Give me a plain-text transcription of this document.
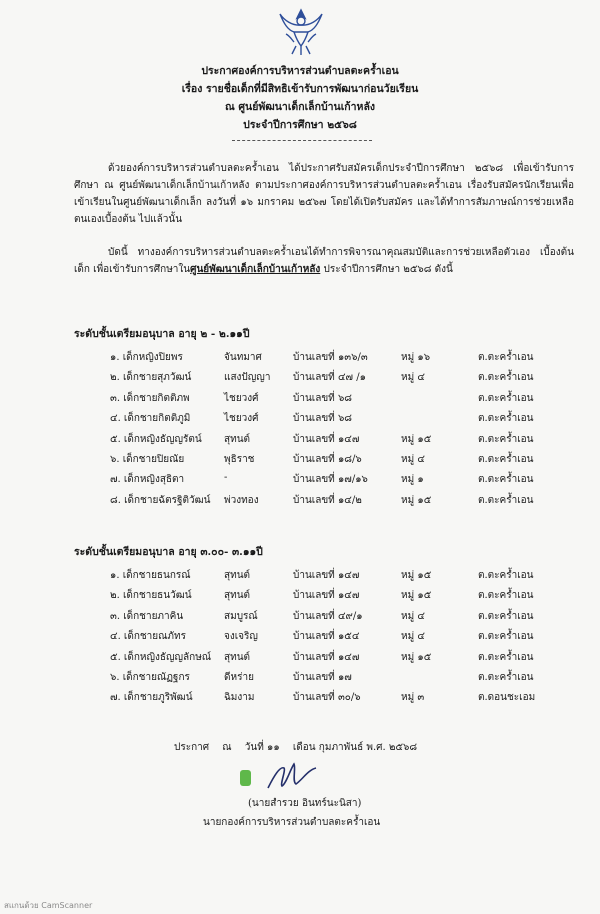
ประกาศองค์การบริหารส่วนตำบลตะคร้ำเอน
เรื่อง รายชื่อเด็กที่มีสิทธิเข้ารับการพัฒนาก่อนวัยเรียน
ณ ศูนย์พัฒนาเด็กเล็กบ้านเก้าหลัง
ประจำปีการศึกษา ๒๕๖๘
ด้วยองค์การบริหารส่วนตำบลตะคร้ำเอน ได้ประกาศรับสมัครเด็กประจำปีการศึกษา ๒๕๖๘ เพื่อเข้ารับการศึกษา ณ ศูนย์พัฒนาเด็กเล็กบ้านเก้าหลัง ตามประกาศองค์การบริหารส่วนตำบลตะคร้ำเอน เรื่องรับสมัครนักเรียนเพื่อเข้าเรียนในศูนย์พัฒนาเด็กเล็ก ลงวันที่ ๑๖ มกราคม ๒๕๖๗ โดยได้เปิดรับสมัคร และได้ทำการสัมภาษณ์การช่วยเหลือตนเองเบื้องต้น ไปแล้วนั้น
บัดนี้ ทางองค์การบริหารส่วนตำบลตะคร้ำเอนได้ทำการพิจารณาคุณสมบัติและการช่วยเหลือตัวเอง เบื้องต้นเด็ก เพื่อเข้ารับการศึกษาในศูนย์พัฒนาเด็กเล็กบ้านเก้าหลัง ประจำปีการศึกษา ๒๕๖๘ ดังนี้
ระดับชั้นเตรียมอนุบาล อายุ ๒ - ๒.๑๑ปี
๑. เด็กหญิงปิยพร	จันทมาศ	บ้านเลขที่ ๑๓๖/๓	หมู่ ๑๖	ต.ตะคร้ำเอน
๒. เด็กชายสุภวัฒน์	แสงปัญญา บ้านเลขที่ ๔๗ /๑	หมู่ ๔	ต.ตะคร้ำเอน
๓. เด็กชายกิตติภพ	ไชยวงศ์	บ้านเลขที่ ๖๘	ต.ตะคร้ำเอน
๔. เด็กชายกิตติภูมิ	ไชยวงศ์	บ้านเลขที่ ๖๘	ต.ตะคร้ำเอน
๕. เด็กหญิงธัญญรัตน์ สุทนต์	บ้านเลขที่ ๑๔๗	หมู่ ๑๕	ต.ตะคร้ำเอน
๖. เด็กชายปิยณัย	พุธิราช	บ้านเลขที่ ๑๘/๖	หมู่ ๔	ต.ตะคร้ำเอน
๗. เด็กหญิงสุธิตา	-	บ้านเลขที่ ๑๗/๑๖	หมู่ ๑	ต.ตะคร้ำเอน
๘. เด็กชายฉัตรฐิติวัฒน์ พ่วงทอง	บ้านเลขที่ ๑๔/๒	หมู่ ๑๕	ต.ตะคร้ำเอน
ระดับชั้นเตรียมอนุบาล อายุ ๓.๐๐- ๓.๑๑ปี
๑. เด็กชายธนกรณ์	สุทนต์	บ้านเลขที่ ๑๔๗	หมู่ ๑๕	ต.ตะคร้ำเอน
๒. เด็กชายธนวัฒน์	สุทนต์	บ้านเลขที่ ๑๔๗	หมู่ ๑๕	ต.ตะคร้ำเอน
๓. เด็กชายภาคิน	สมบูรณ์	บ้านเลขที่ ๔๙/๑	หมู่ ๔	ต.ตะคร้ำเอน
๔. เด็กชายณภัทร	จงเจริญ	บ้านเลขที่ ๑๕๔	หมู่ ๔	ต.ตะคร้ำเอน
๕. เด็กหญิงธัญญลักษณ์ สุทนต์	บ้านเลขที่ ๑๔๗	หมู่ ๑๕	ต.ตะคร้ำเอน
๖. เด็กชายณัฏฐกร	ดีหร่าย	บ้านเลขที่ ๑๗	ต.ตะคร้ำเอน
๗. เด็กชายภูริพัฒน์	ฉิมงาม	บ้านเลขที่ ๓๐/๖	หมู่ ๓	ต.ดอนชะเอม
ประกาศ ณ วันที่ ๑๑ เดือน กุมภาพันธ์ พ.ศ. ๒๕๖๘
(นายสำรวย อินทร์นะนิสา)
นายกองค์การบริหารส่วนตำบลตะคร้ำเอน
สแกนด้วย CamScanner
